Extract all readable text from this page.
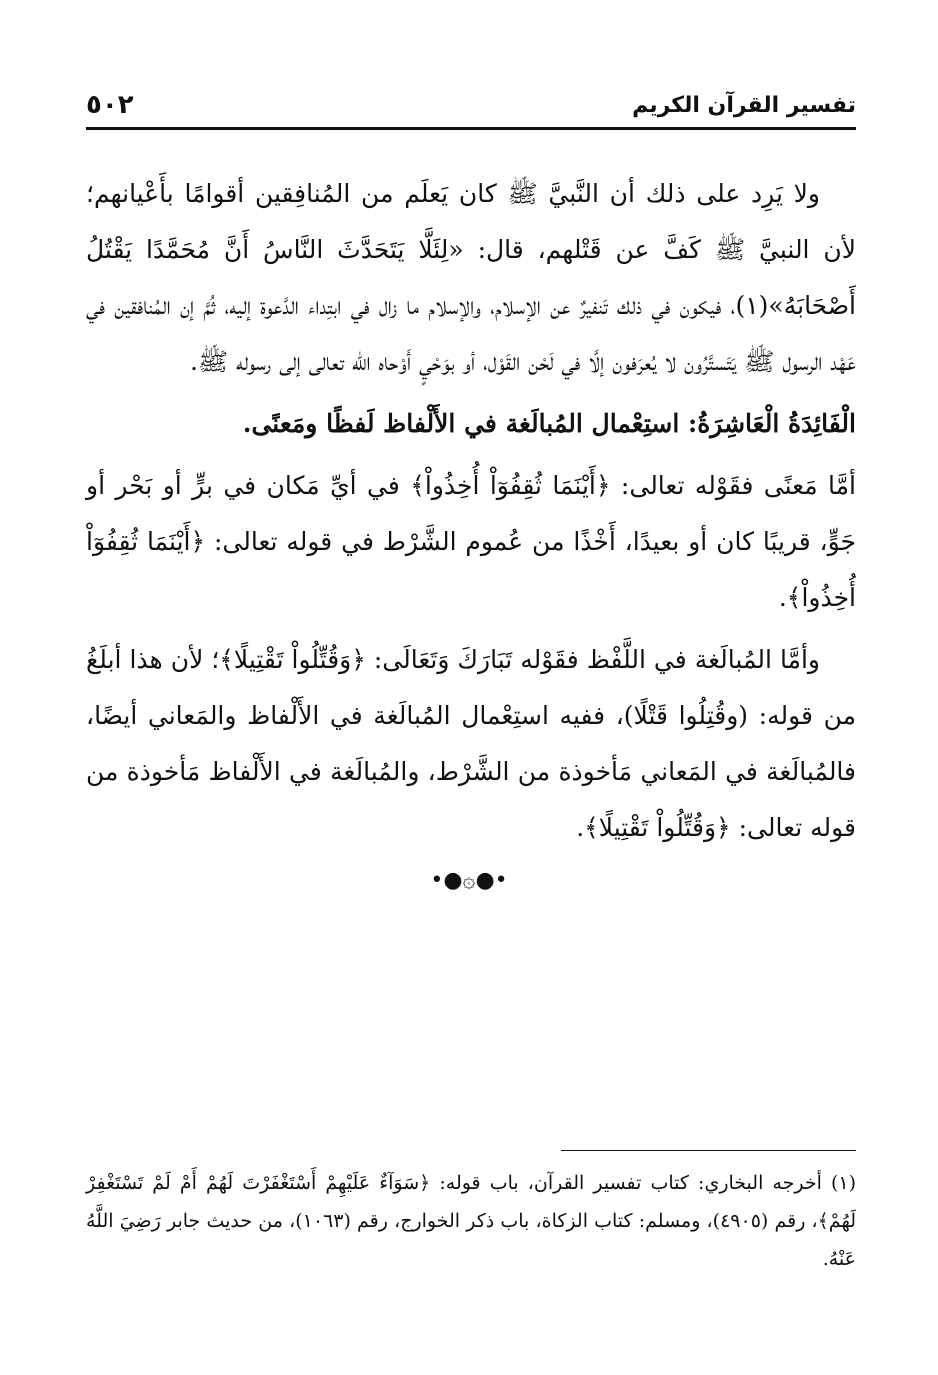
تفسير القرآن الكريم
٥٠٢

ولا يَرِد على ذلك أن النَّبيَّ ﷺ كان يَعلَم من المُنافِقين أقوامًا بأَعْيانهم؛ لأن النبيَّ ﷺ كَفَّ عن قَتْلهم، قال: «لِئَلَّا يَتَحَدَّثَ النَّاسُ أَنَّ مُحَمَّدًا يَقْتُلُ أَصْحَابَهُ»(١)، فيكون في ذلك تَنفيرٌ عن الإسلام، والإسلام ما زال في ابتِداء الدَّعوة إليه، ثُمَّ إن المُنافقين في عَهْد الرسول ﷺ يَتَستَّرُون لا يُعرَفون إلَّا في لَحْن القَوْل، أو بوَحْيٍ أَوْحاه الله تعالى إلى رسوله ﷺ.

الْفَائِدَةُ الْعَاشِرَةُ: استِعْمال المُبالَغة في الأَلْفاظ لَفظًا ومَعنًى.

أمَّا مَعنًى فقَوْله تعالى: ﴿أَيْنَمَا ثُقِفُوٓاْ أُخِذُواْ﴾ في أيِّ مَكان في برٍّ أو بَحْر أو جَوٍّ، قريبًا كان أو بعيدًا، أَخْذًا من عُموم الشَّرْط في قوله تعالى: ﴿أَيْنَمَا ثُقِفُوٓاْ أُخِذُواْ﴾.

وأمَّا المُبالَغة في اللَّفْظ فقَوْله تَبَارَكَ وَتَعَالَى: ﴿وَقُتِّلُواْ تَقْتِيلًا﴾؛ لأن هذا أبلَغُ من قوله: (وقُتِلُوا قَتْلًا)، ففيه استِعْمال المُبالَغة في الأَلْفاظ والمَعاني أيضًا، فالمُبالَغة في المَعاني مَأخوذة من الشَّرْط، والمُبالَغة في الأَلْفاظ مَأخوذة من قوله تعالى: ﴿وَقُتِّلُواْ تَقْتِيلًا﴾.

•●۞●•

(١) أخرجه البخاري: كتاب تفسير القرآن، باب قوله: ﴿سَوَآءٌ عَلَيْهِمْ أَسْتَغْفَرْتَ لَهُمْ أَمْ لَمْ تَسْتَغْفِرْ لَهُمْ﴾، رقم (٤٩٠٥)، ومسلم: كتاب الزكاة، باب ذكر الخوارج، رقم (١٠٦٣)، من حديث جابر رَضِيَ اللَّهُ عَنْهُ.
